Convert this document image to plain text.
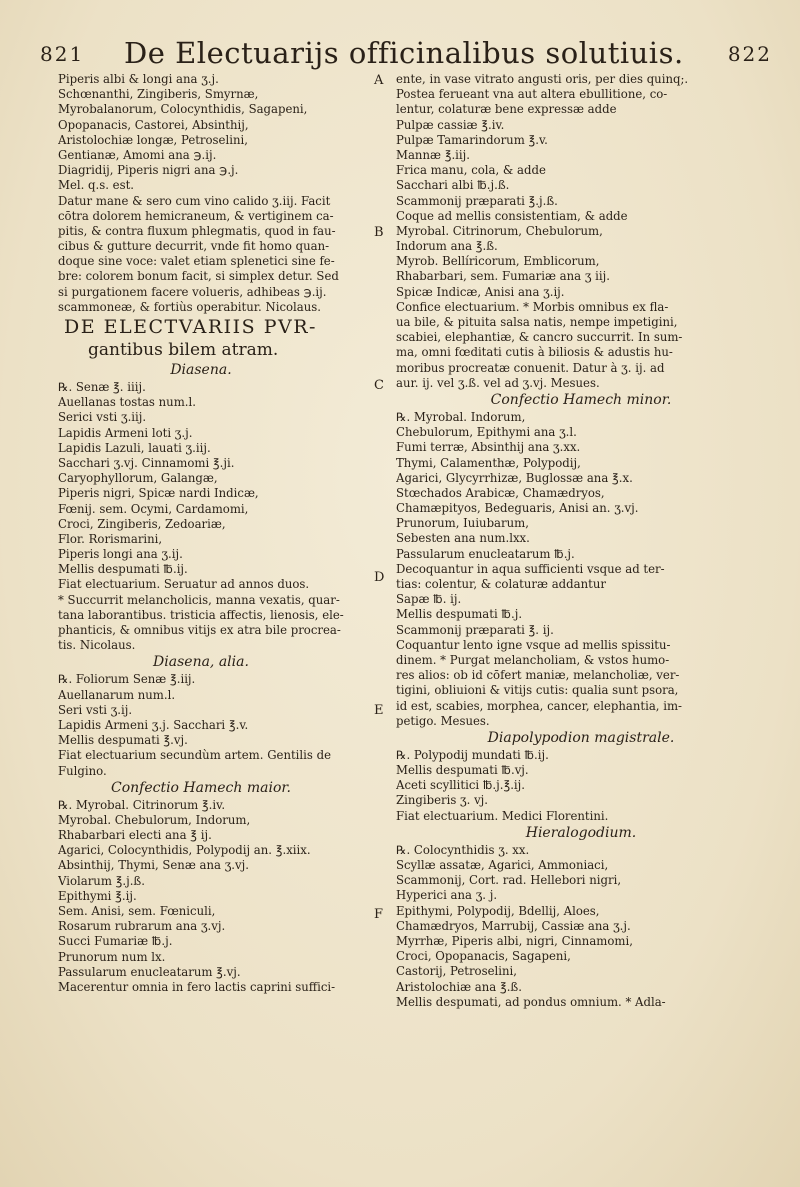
821 De Electuarijs officinalibus solutiuis. 822
Piperis albi & longi ana ʒ.j.
Schœnanthi, Zingiberis, Smyrnæ,
Myrobalanorum, Colocynthidis, Sagapeni,
Opopanacis, Castorei, Absinthij,
Aristolochiæ longæ, Petroselini,
Gentianæ, Amomi ana ℈.ij.
Diagridij, Piperis nigri ana ℈.j.
Mel. q.s. est.
Datur mane & sero cum vino calido ʒ.iij. Facit
cōtra dolorem hemicraneum, & vertiginem ca-
pitis, & contra fluxum phlegmatis, quod in fau-
cibus & gutture decurrit, vnde fit homo quan-
doque sine voce: valet etiam splenetici sine fe-
bre: colorem bonum facit, si simplex detur. Sed
si purgationem facere volueris, adhibeas ℈.ij.
scammoneæ, & fortiùs operabitur. Nicolaus.
DE ELECTVARIIS PVR-
gantibus bilem atram.
Diasena.
℞. Senæ ℥. iiij.
Auellanas tostas num.l.
Serici vsti ʒ.iij.
Lapidis Armeni loti ʒ.j.
Lapidis Lazuli, lauati ʒ.iij.
Sacchari ʒ.vj. Cinnamomi ℥.ji.
Caryophyllorum, Galangæ,
Piperis nigri, Spicæ nardi Indicæ,
Fœnij. sem. Ocymi, Cardamomi,
Croci, Zingiberis, Zedoariæ,
Flor. Rorismarini,
Piperis longi ana ʒ.ij.
Mellis despumati ℔.ij.
Fiat electuarium. Seruatur ad annos duos.
* Succurrit melancholicis, manna vexatis, quar-
tana laborantibus. tristicia affectis, lienosis, ele-
phanticis, & omnibus vitijs ex atra bile procrea-
tis. Nicolaus.
Diasena, alia.
℞. Foliorum Senæ ℥.iij.
Auellanarum num.l.
Seri vsti ʒ.ij.
Lapidis Armeni ʒ.j. Sacchari ℥.v.
Mellis despumati ℥.vj.
Fiat electuarium secundùm artem. Gentilis de
Fulgino.
Confectio Hamech maior.
℞. Myrobal. Citrinorum ℥.iv.
Myrobal. Chebulorum, Indorum,
Rhabarbari electi ana ℥ ij.
Agarici, Colocynthidis, Polypodij an. ℥.xiix.
Absinthij, Thymi, Senæ ana ʒ.vj.
Violarum ℥.j.ß.
Epithymi ℥.ij.
Sem. Anisi, sem. Fœniculi,
Rosarum rubrarum ana ʒ.vj.
Succi Fumariæ ℔.j.
Prunorum num lx.
Passularum enucleatarum ℥.vj.
Macerentur omnia in fero lactis caprini suffici-
ente, in vase vitrato angusti oris, per dies quinq;.
Postea ferueant vna aut altera ebullitione, co-
lentur, colaturæ bene expressæ adde
Pulpæ cassiæ ℥.iv.
Pulpæ Tamarindorum ℥.v.
Mannæ ℥.iij.
Frica manu, cola, & adde
Sacchari albi ℔.j.ß.
Scammonij præparati ℥.j.ß.
Coque ad mellis consistentiam, & adde
Myrobal. Citrinorum, Chebulorum,
Indorum ana ℥.ß.
Myrob. Bellíricorum, Emblicorum,
Rhabarbari, sem. Fumariæ ana ʒ iij.
Spicæ Indicæ, Anisi ana ʒ.ij.
Confice electuarium. * Morbis omnibus ex fla-
ua bile, & pituita salsa natis, nempe impetigini,
scabiei, elephantiæ, & cancro succurrit. In sum-
ma, omni fœditati cutis à biliosis & adustis hu-
moribus procreatæ conuenit. Datur à ʒ. ij. ad
aur. ij. vel ʒ.ß. vel ad ʒ.vj. Mesues.
Confectio Hamech minor.
℞. Myrobal. Indorum,
Chebulorum, Epithymi ana ʒ.l.
Fumi terræ, Absinthij ana ʒ.xx.
Thymi, Calamenthæ, Polypodij,
Agarici, Glycyrrhizæ, Buglossæ ana ℥.x.
Stœchados Arabicæ, Chamædryos,
Chamæpityos, Bedeguaris, Anisi an. ʒ.vj.
Prunorum, Iuiubarum,
Sebesten ana num.lxx.
Passularum enucleatarum ℔.j.
Decoquantur in aqua sufficienti vsque ad ter-
tias: colentur, & colaturæ addantur
Sapæ ℔. ij.
Mellis despumati ℔.j.
Scammonij præparati ℥. ij.
Coquantur lento igne vsque ad mellis spissitu-
dinem. * Purgat melancholiam, & vstos humo-
res alios: ob id cōfert maniæ, melancholiæ, ver-
tigini, obliuioni & vitijs cutis: qualia sunt psora,
id est, scabies, morphea, cancer, elephantia, im-
petigo. Mesues.
Diapolypodion magistrale.
℞. Polypodij mundati ℔.ij.
Mellis despumati ℔.vj.
Aceti scyllitici ℔.j.℥.ij.
Zingiberis ʒ. vj.
Fiat electuarium. Medici Florentini.
Hieralogodium.
℞. Colocynthidis ʒ. xx.
Scyllæ assatæ, Agarici, Ammoniaci,
Scammonij, Cort. rad. Hellebori nigri,
Hyperici ana ʒ. j.
Epithymi, Polypodij, Bdellij, Aloes,
Chamædryos, Marrubij, Cassiæ ana ʒ.j.
Myrrhæ, Piperis albi, nigri, Cinnamomi,
Croci, Opopanacis, Sagapeni,
Castorij, Petroselini,
Aristolochiæ ana ℥.ß.
Mellis despumati, ad pondus omnium. * Adla-
A
B
C
D
E
F
